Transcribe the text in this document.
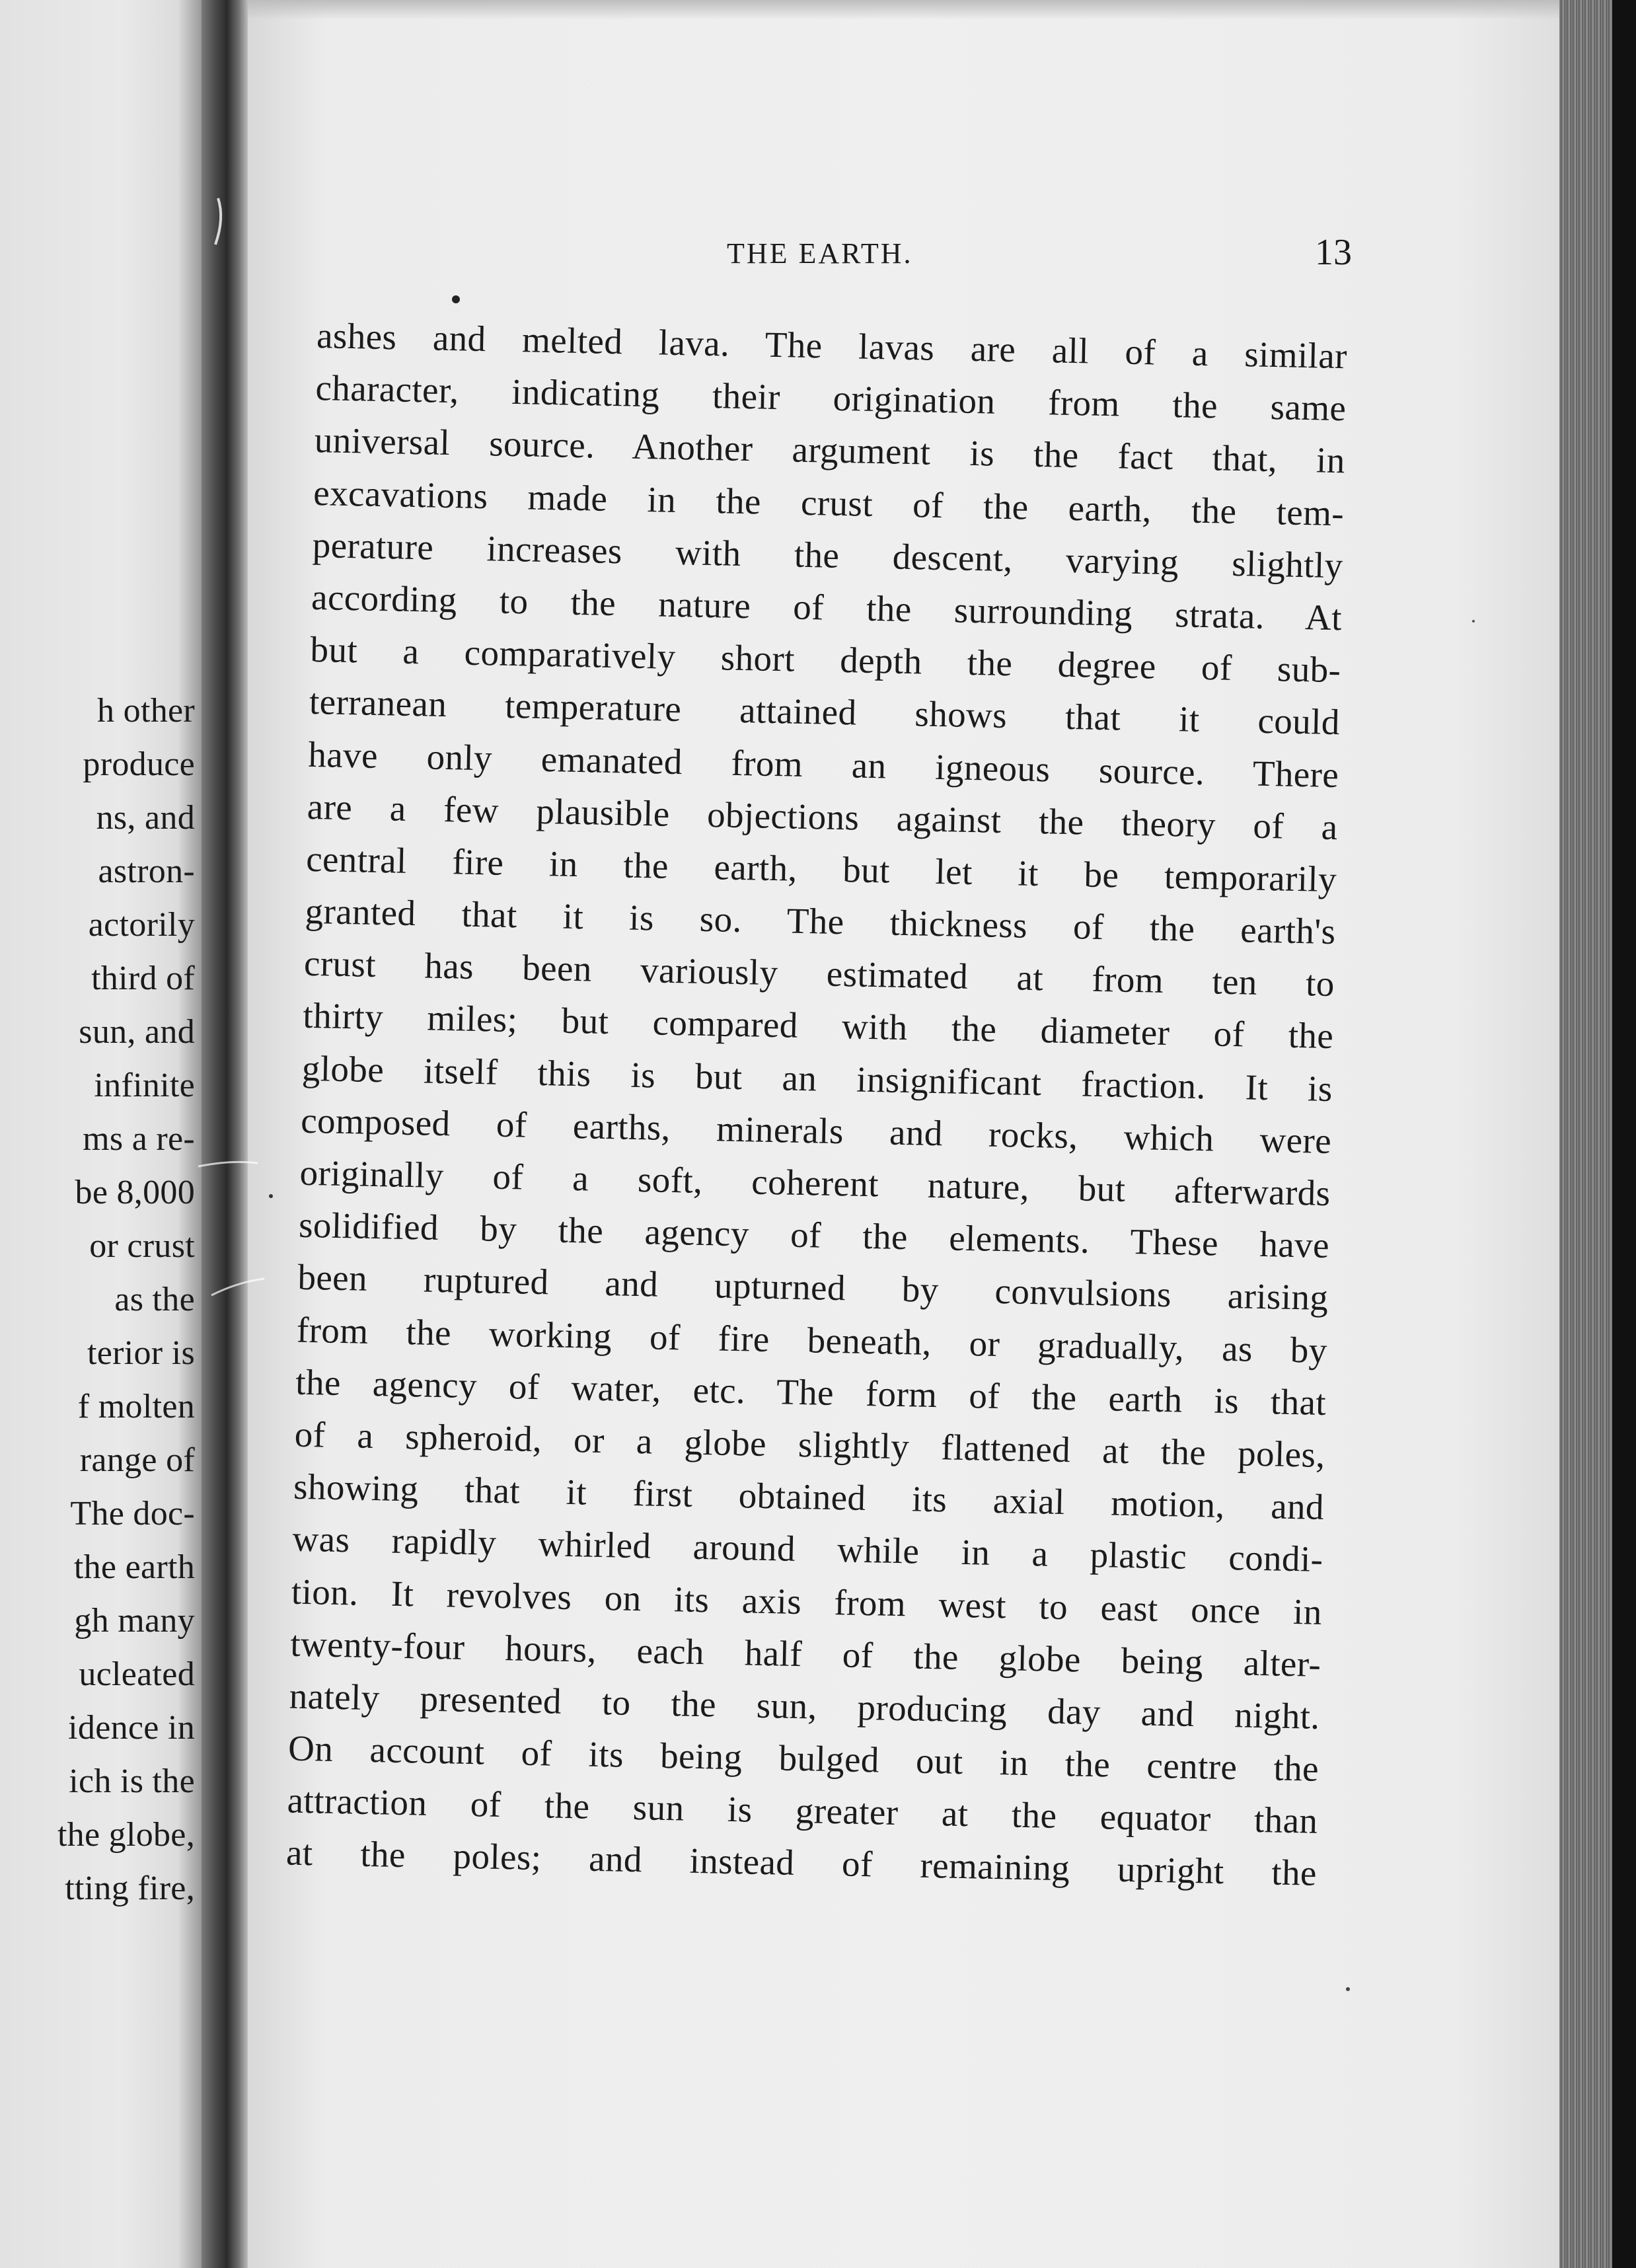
h other
produce
ns, and
astron-
actorily
third of
sun, and
infinite
ms a re-
be 8,000
or crust
as the
terior is
f molten
range of
The doc-
the earth
gh many
ucleated
idence in
ich is the
the globe,
tting fire,
THE EARTH.	13
ashes and melted lava. The lavas are all of a similar
character, indicating their origination from the same
universal source. Another argument is the fact that, in
excavations made in the crust of the earth, the tem-
perature increases with the descent, varying slightly
according to the nature of the surrounding strata. At
but a comparatively short depth the degree of sub-
terranean temperature attained shows that it could
have only emanated from an igneous source. There
are a few plausible objections against the theory of a
central fire in the earth, but let it be temporarily
granted that it is so. The thickness of the earth's
crust has been variously estimated at from ten to
thirty miles; but compared with the diameter of the
globe itself this is but an insignificant fraction. It is
composed of earths, minerals and rocks, which were
originally of a soft, coherent nature, but afterwards
solidified by the agency of the elements. These have
been ruptured and upturned by convulsions arising
from the working of fire beneath, or gradually, as by
the agency of water, etc. The form of the earth is that
of a spheroid, or a globe slightly flattened at the poles,
showing that it first obtained its axial motion, and
was rapidly whirled around while in a plastic condi-
tion. It revolves on its axis from west to east once in
twenty-four hours, each half of the globe being alter-
nately presented to the sun, producing day and night.
On account of its being bulged out in the centre the
attraction of the sun is greater at the equator than
at the poles; and instead of remaining upright the
